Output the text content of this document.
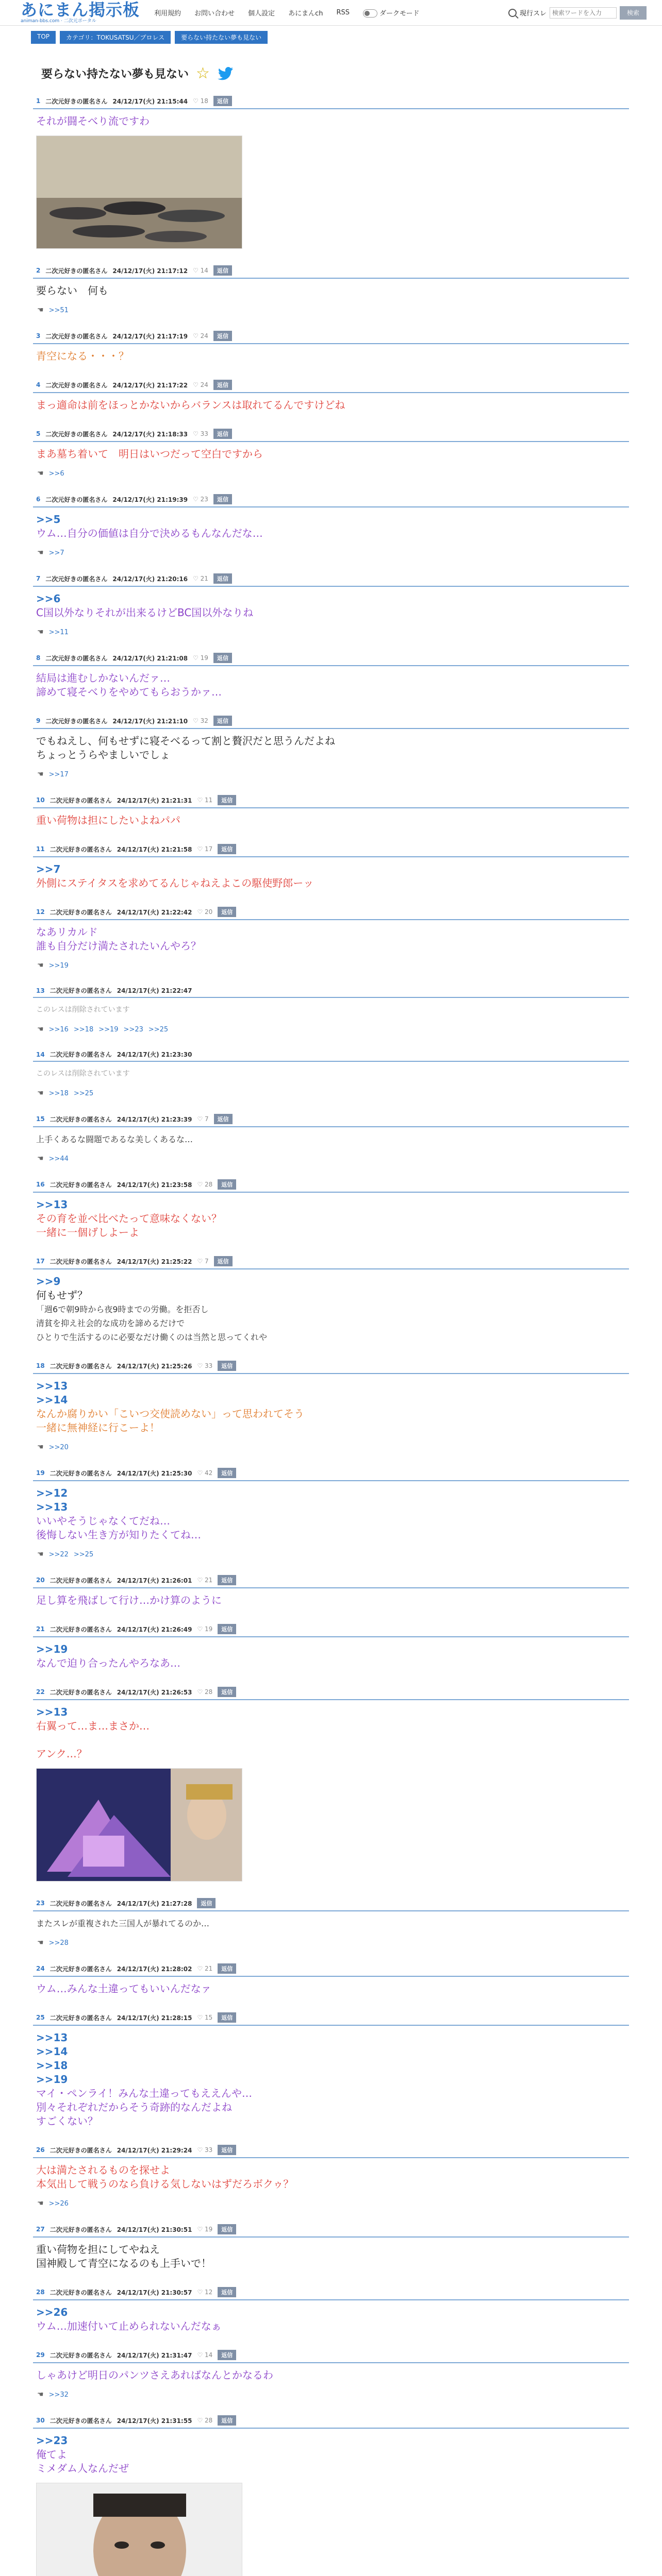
あにまん掲示板
animan-bbs.com · 二次元ポータル
利用規約 お問い合わせ 個人設定 あにまんch RSS	ダークモード	現行スレ
検索ワードを入力	検索
TOP	カテゴリ：TOKUSATSU／プロレス	要らない持たない夢も見ない
要らない持たない夢も見ない ☆
1 二次元好きの匿名さん 24/12/17(火) 21:15:44 ♡ 18	返信
それが闘そべり流ですわ
2 二次元好きの匿名さん 24/12/17(火) 21:17:12 ♡ 14	返信
要らない　何も
☚ >>51
3 二次元好きの匿名さん 24/12/17(火) 21:17:19 ♡ 24	返信
青空になる・・・？
4 二次元好きの匿名さん 24/12/17(火) 21:17:22 ♡ 24	返信
まっ適命は前をほっとかないからバランスは取れてるんですけどね
5 二次元好きの匿名さん 24/12/17(火) 21:18:33 ♡ 33	返信
まあ墓ち着いて　明日はいつだって空白ですから
☚ >>6
6 二次元好きの匿名さん 24/12/17(火) 21:19:39 ♡ 23	返信
>>5
ウム…自分の価値は自分で決めるもんなんだな…
☚ >>7
7 二次元好きの匿名さん 24/12/17(火) 21:20:16 ♡ 21	返信
>>6
C国以外なりそれが出来るけどBC国以外なりね
☚ >>11
8 二次元好きの匿名さん 24/12/17(火) 21:21:08 ♡ 19	返信
結局は進むしかないんだァ…
諦めて寝そべりをやめてもらおうかァ…
9 二次元好きの匿名さん 24/12/17(火) 21:21:10 ♡ 32	返信
でもねえし、何もせずに寝そべるって割と贅沢だと思うんだよね
ちょっとうらやましいでしょ
☚ >>17
10 二次元好きの匿名さん 24/12/17(火) 21:21:31 ♡ 11	返信
重い荷物は担にしたいよねパパ
11 二次元好きの匿名さん 24/12/17(火) 21:21:58 ♡ 17	返信
>>7
外側にステイタスを求めてるんじゃねえよこの駆使野郎ーッ
12 二次元好きの匿名さん 24/12/17(火) 21:22:42 ♡ 20	返信
なあリカルド
誰も自分だけ満たされたいんやろ？
☚ >>19
13 二次元好きの匿名さん 24/12/17(火) 21:22:47
このレスは削除されています
☚ >>16 >>18 >>19 >>23 >>25
14 二次元好きの匿名さん 24/12/17(火) 21:23:30
このレスは削除されています
☚ >>18 >>25
15 二次元好きの匿名さん 24/12/17(火) 21:23:39 ♡ 7	返信
上手くあるな闘題であるな美しくあるな…
☚ >>44
16 二次元好きの匿名さん 24/12/17(火) 21:23:58 ♡ 28	返信
>>13
その育を並べ比べたって意味なくない？
一緒に一個げしよーよ
17 二次元好きの匿名さん 24/12/17(火) 21:25:22 ♡ 7	返信
>>9
何もせず？
「週6で朝9時から夜9時までの労働。を拒否し
清貧を抑え社会的な成功を諦めるだけで
ひとりで生活するのに必要なだけ働くのは当然と思ってくれや
18 二次元好きの匿名さん 24/12/17(火) 21:25:26 ♡ 33	返信
>>13
>>14
なんか腐りかい「こいつ交使読めない」って思われてそう
一緒に無神経に行こーよ！
☚ >>20
19 二次元好きの匿名さん 24/12/17(火) 21:25:30 ♡ 42	返信
>>12
>>13
いいやそうじゃなくてだね…
後悔しない生き方が知りたくてね…
☚ >>22 >>25
20 二次元好きの匿名さん 24/12/17(火) 21:26:01 ♡ 21	返信
足し算を飛ばして行け…かけ算のように
21 二次元好きの匿名さん 24/12/17(火) 21:26:49 ♡ 19	返信
>>19
なんで迫り合ったんやろなあ…
22 二次元好きの匿名さん 24/12/17(火) 21:26:53 ♡ 28	返信
>>13
右翼って…ま…まさか…

アンク…？
23 二次元好きの匿名さん 24/12/17(火) 21:27:28	返信
またスレが重複された三国人が暴れてるのか…
☚ >>28
24 二次元好きの匿名さん 24/12/17(火) 21:28:02 ♡ 21	返信
ウム…みんな土違ってもいいんだなァ
25 二次元好きの匿名さん 24/12/17(火) 21:28:15 ♡ 15	返信
>>13
>>14
>>18
>>19
マイ・ペンライ！みんな土違ってもええんや…
別々それぞれだからそう奇跡的なんだよね
すごくない？
26 二次元好きの匿名さん 24/12/17(火) 21:29:24 ♡ 33	返信
大は満たされるものを探せよ
本気出して戦うのなら負ける気しないはずだろボクゥ？
☚ >>26
27 二次元好きの匿名さん 24/12/17(火) 21:30:51 ♡ 19	返信
重い荷物を担にしてやねえ
国神殿して青空になるのも上手いで！
28 二次元好きの匿名さん 24/12/17(火) 21:30:57 ♡ 12	返信
>>26
ウム…加速付いて止められないんだなぁ
29 二次元好きの匿名さん 24/12/17(火) 21:31:47 ♡ 14	返信
しゃあけど明日のパンツさえあればなんとかなるわ
☚ >>32
30 二次元好きの匿名さん 24/12/17(火) 21:31:55 ♡ 28	返信
>>23
俺てよ
ミメダム人なんだぜ
